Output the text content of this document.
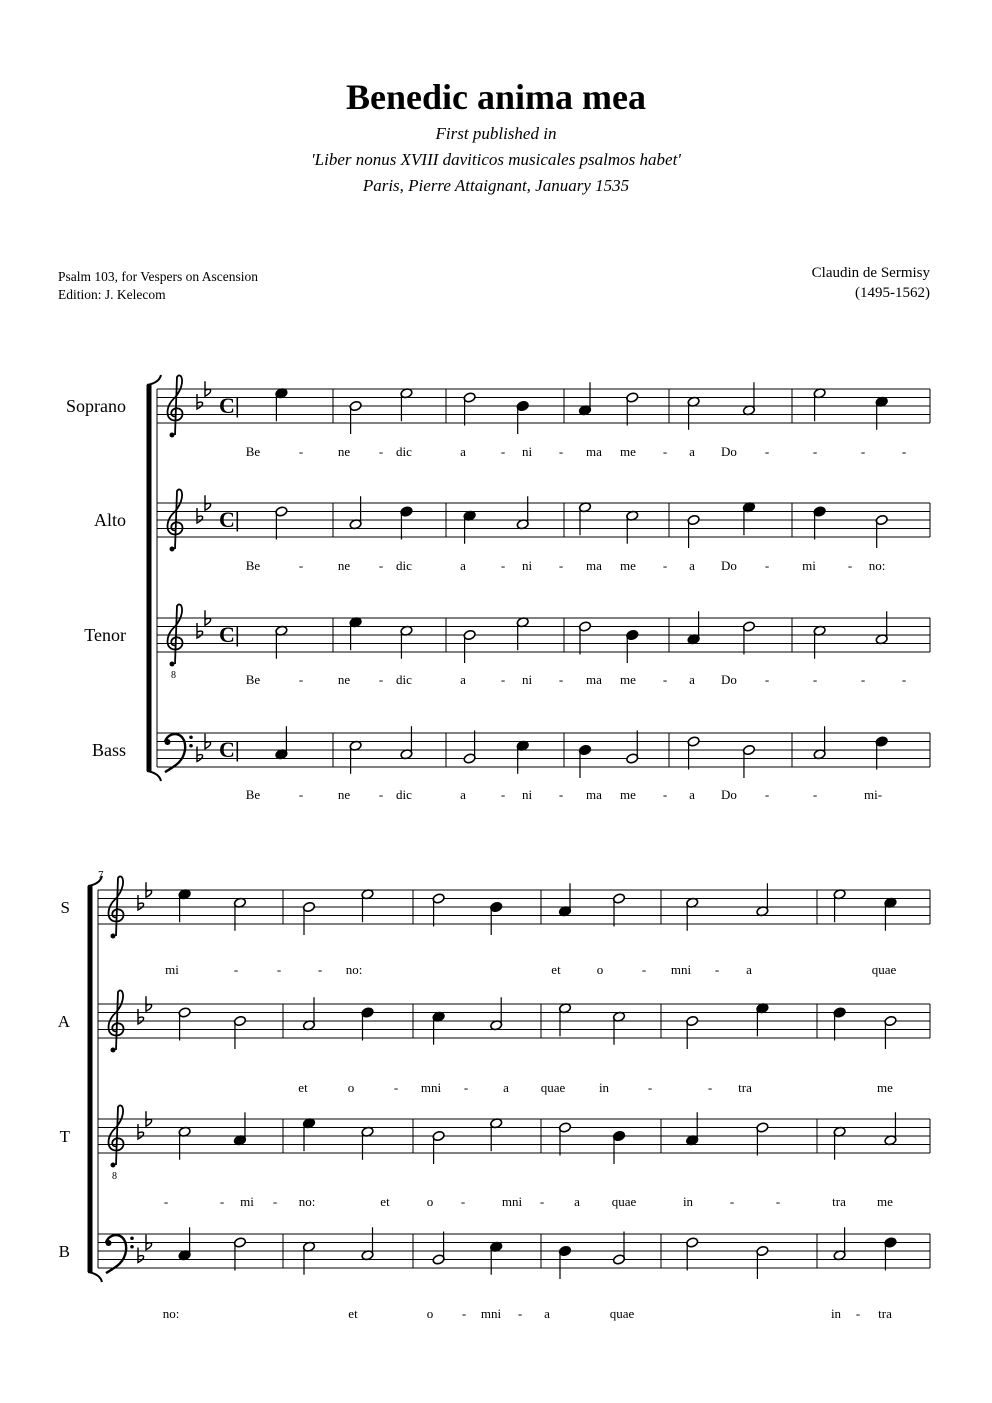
Benedic anima mea
First published in
'Liber nonus XVIII daviticos musicales psalmos habet'
Paris, Pierre Attaignant, January 1535
Psalm 103, for Vespers on Ascension
Edition: J. Kelecom
Claudin de Sermisy
(1495-1562)
Soprano	C|
Be	-	ne - dic	a	- ni - ma me - a Do -	-	-	-
Alto	C|
Be	-	ne - dic	a	- ni - ma me - a Do -	mi - no:
Tenor
8
C|
Be	-	ne - dic	a	- ni - ma me - a Do -	-	-	-
Bass	C|
Be	-	ne - dic	a	- ni - ma me - a Do -	-	mi-
7
S
mi	-	-	- no:	et	o	- mni - a	quae
A
et	o	- mni -	a quae	in	-	- tra	me
T
8
-	- mi - no:	et	o -	mni - a quae	in	-	-	tra me
B
no:	et	o - mni - a	quae	in - tra
